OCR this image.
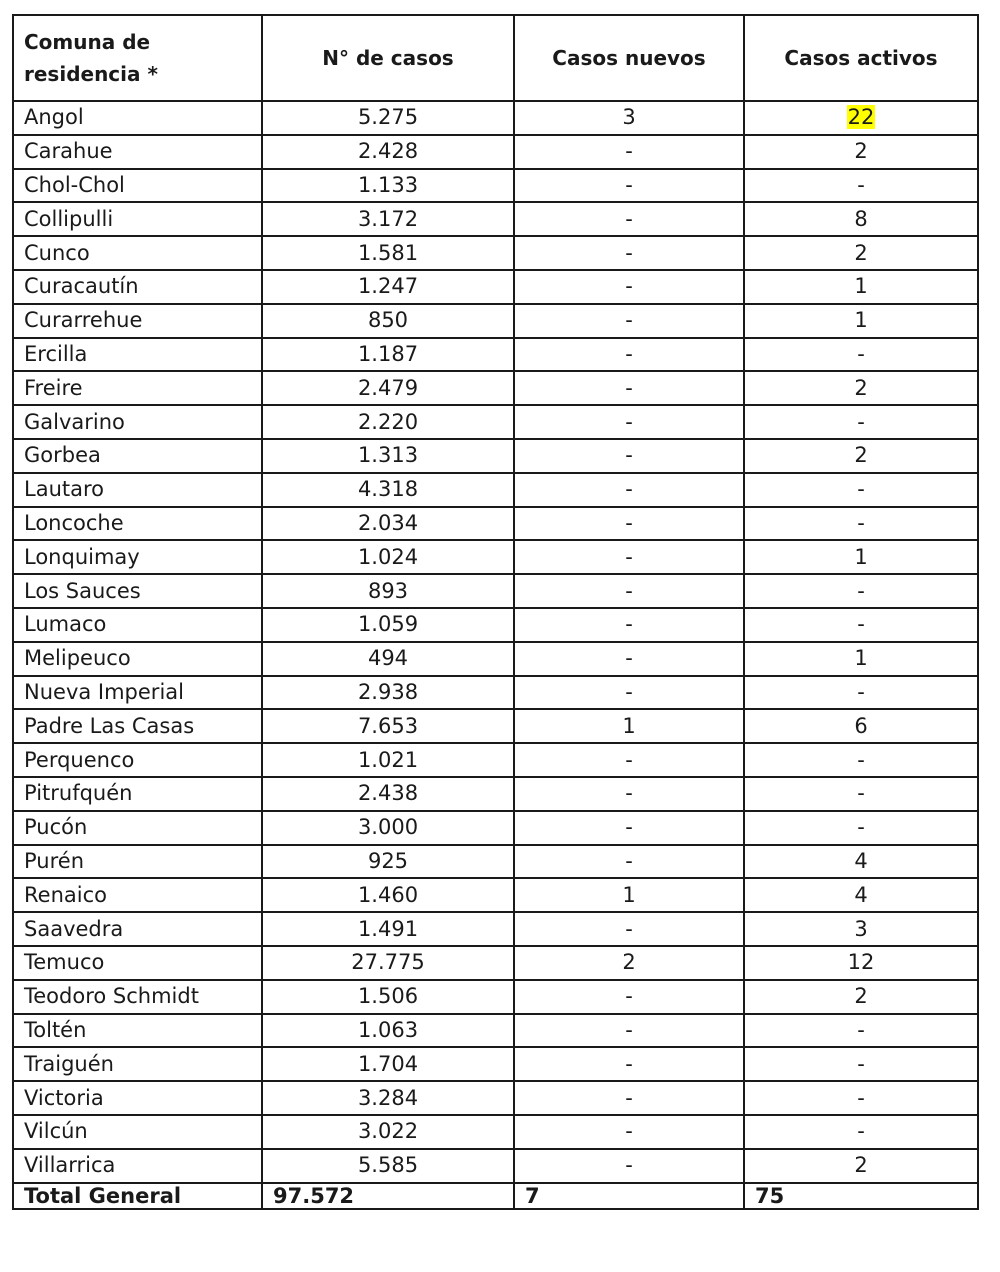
Comuna de residencia *	N° de casos	Casos nuevos	Casos activos
Angol	5.275	3	22
Carahue	2.428	-	2
Chol-Chol	1.133	-	-
Collipulli	3.172	-	8
Cunco	1.581	-	2
Curacautín	1.247	-	1
Curarrehue	850	-	1
Ercilla	1.187	-	-
Freire	2.479	-	2
Galvarino	2.220	-	-
Gorbea	1.313	-	2
Lautaro	4.318	-	-
Loncoche	2.034	-	-
Lonquimay	1.024	-	1
Los Sauces	893	-	-
Lumaco	1.059	-	-
Melipeuco	494	-	1
Nueva Imperial	2.938	-	-
Padre Las Casas	7.653	1	6
Perquenco	1.021	-	-
Pitrufquén	2.438	-	-
Pucón	3.000	-	-
Purén	925	-	4
Renaico	1.460	1	4
Saavedra	1.491	-	3
Temuco	27.775	2	12
Teodoro Schmidt	1.506	-	2
Toltén	1.063	-	-
Traiguén	1.704	-	-
Victoria	3.284	-	-
Vilcún	3.022	-	-
Villarrica	5.585	-	2
Total General	97.572	7	75
